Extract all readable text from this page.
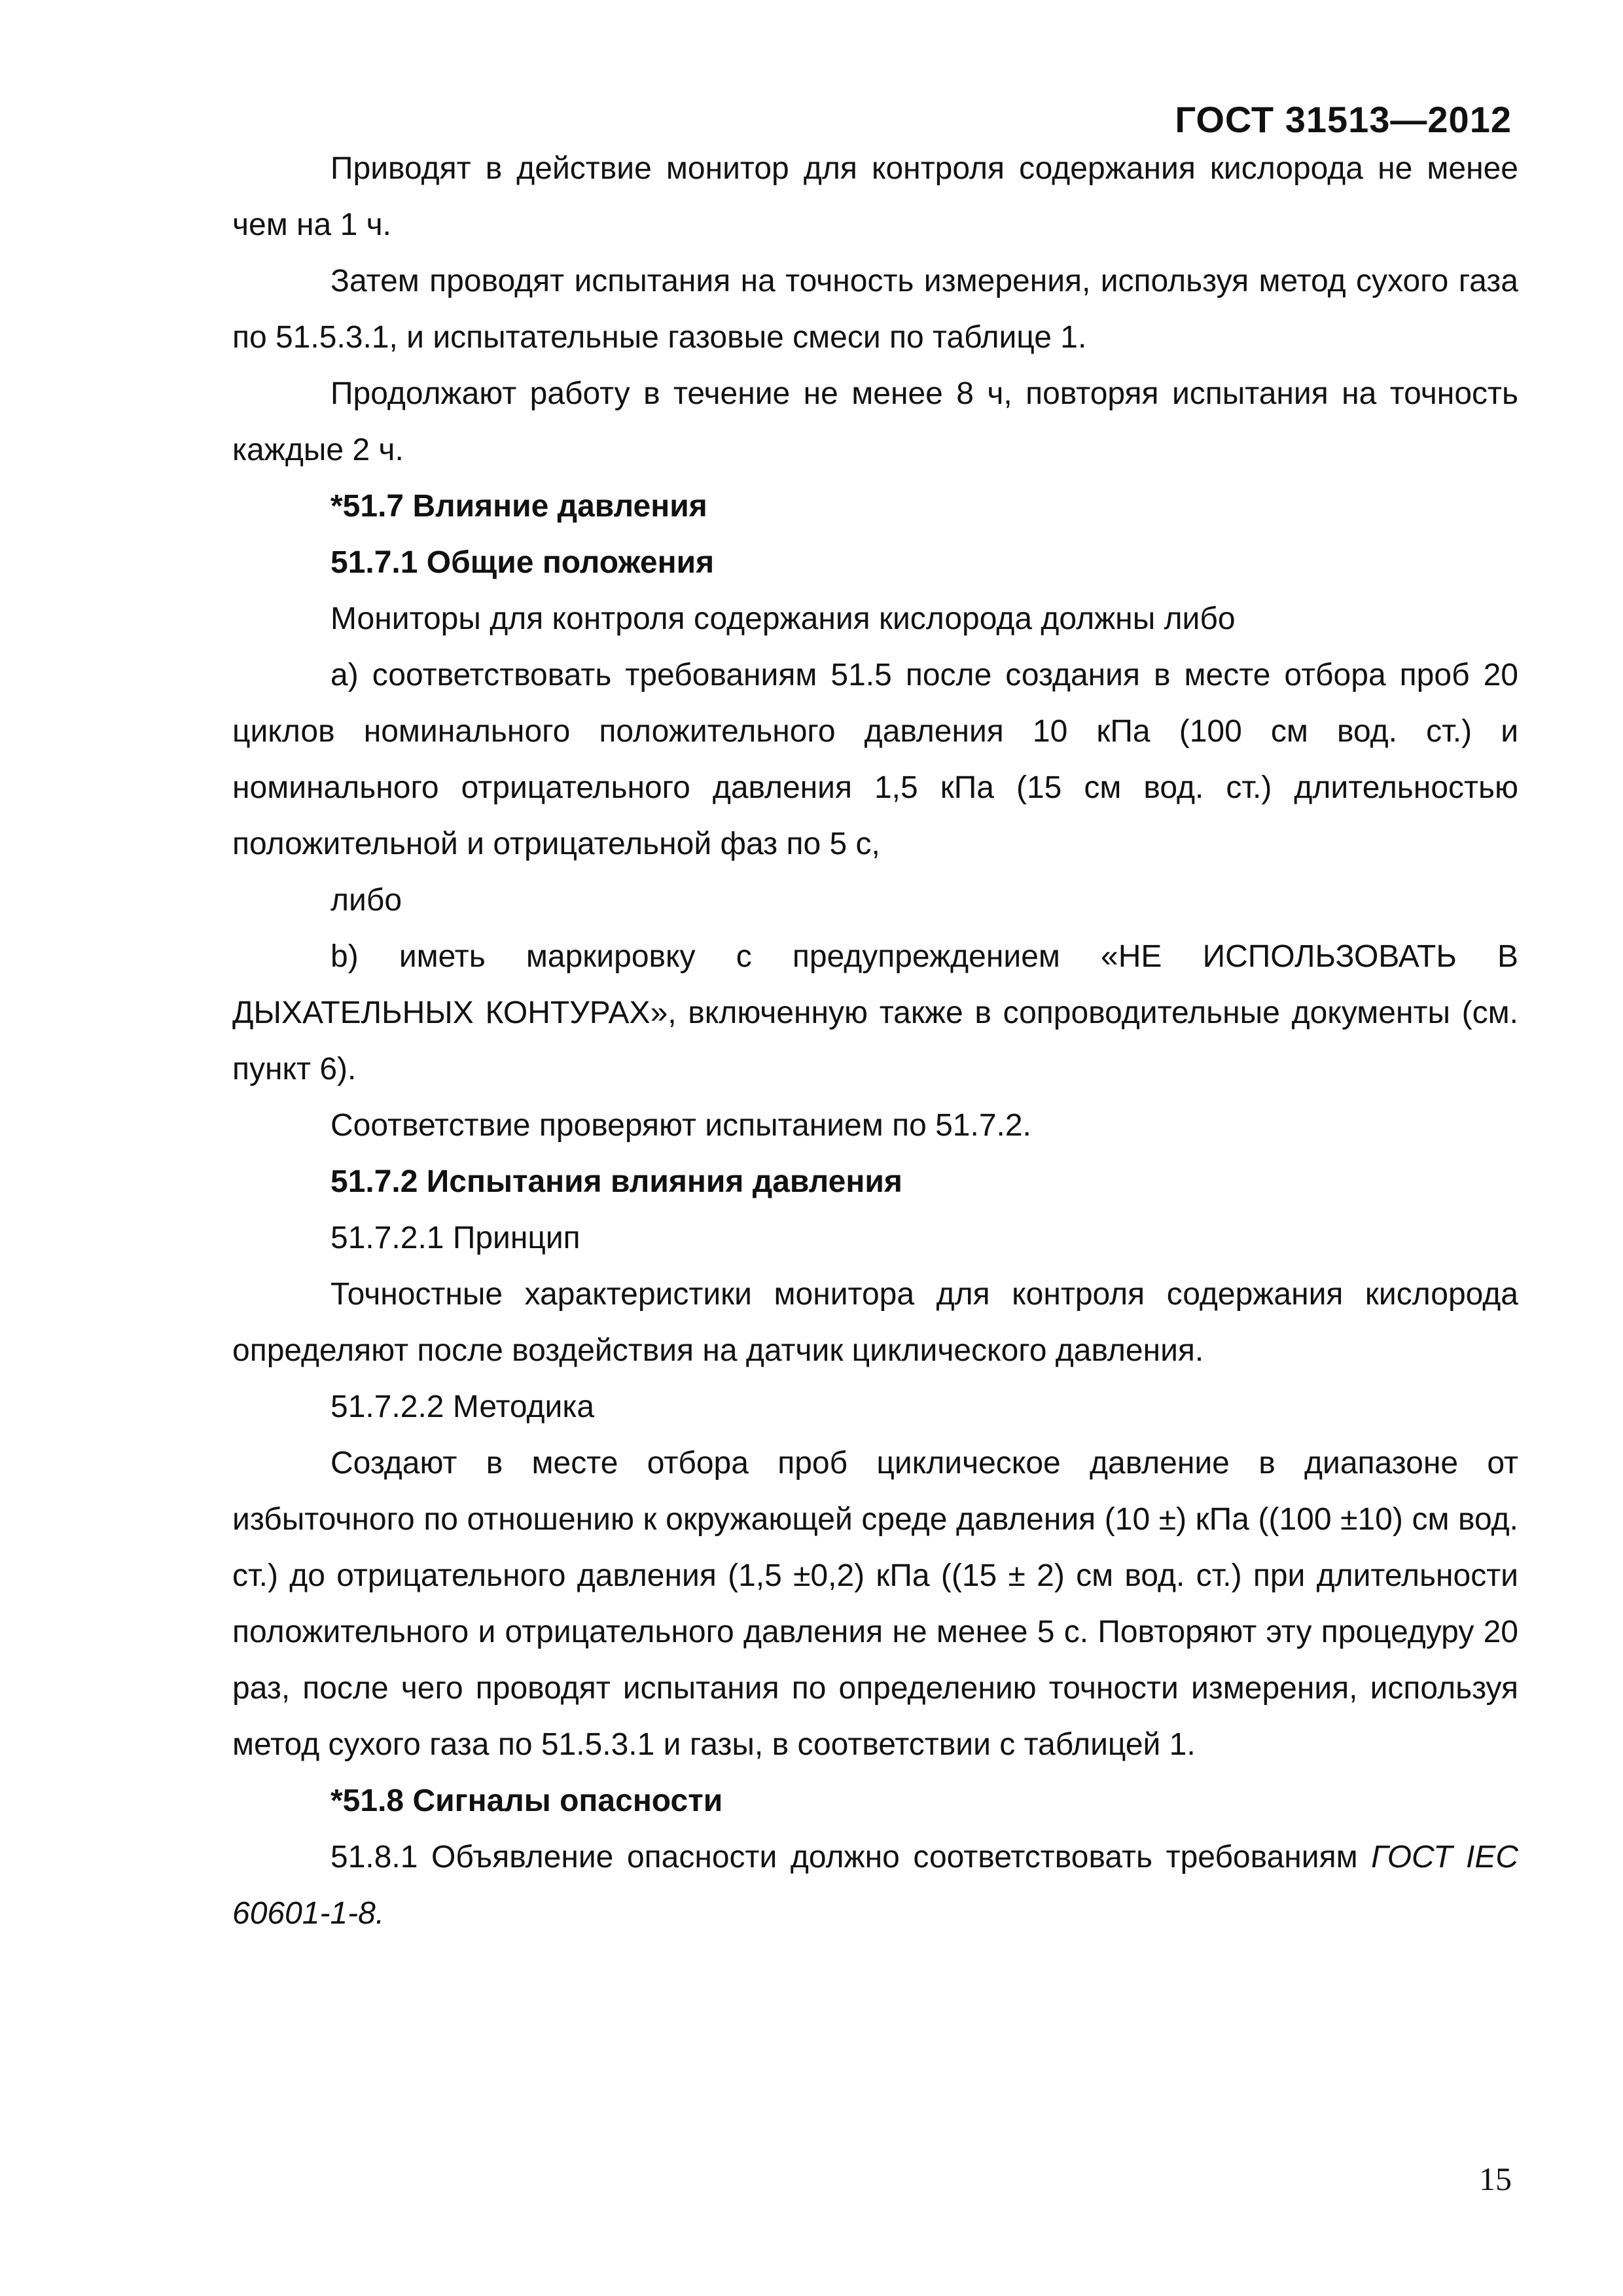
ГОСТ 31513—2012

Приводят в действие монитор для контроля содержания кислорода не менее чем на 1 ч.

Затем проводят испытания на точность измерения, используя метод сухого газа по 51.5.3.1, и испытательные газовые смеси по таблице 1.

Продолжают работу в течение не менее 8 ч, повторяя испытания на точность каждые 2 ч.

*51.7 Влияние давления

51.7.1 Общие положения

Мониторы для контроля содержания кислорода должны либо

а) соответствовать требованиям 51.5 после создания в месте отбора проб 20 циклов номинального положительного давления 10 кПа (100 см вод. ст.) и номинального отрицательного давления 1,5 кПа (15 см вод. ст.) длительностью положительной и отрицательной фаз по 5 с,

либо

b) иметь маркировку с предупреждением «НЕ ИСПОЛЬЗОВАТЬ В ДЫХАТЕЛЬНЫХ КОНТУРАХ», включенную также в сопроводительные документы (см. пункт 6).

Соответствие проверяют испытанием по 51.7.2.

51.7.2 Испытания влияния давления

51.7.2.1 Принцип

Точностные характеристики монитора для контроля содержания кислорода определяют после воздействия на датчик циклического давления.

51.7.2.2 Методика

Создают в месте отбора проб циклическое давление в диапазоне от избыточного по отношению к окружающей среде давления (10 ±) кПа ((100 ±10) см вод. ст.) до отрицательного давления (1,5 ±0,2) кПа ((15 ± 2) см вод. ст.) при длительности положительного и отрицательного давления не менее 5 с. Повторяют эту процедуру 20 раз, после чего проводят испытания по определению точности измерения, используя метод сухого газа по 51.5.3.1 и газы, в соответствии с таблицей 1.

*51.8 Сигналы опасности

51.8.1 Объявление опасности должно соответствовать требованиям ГОСТ IEC 60601-1-8.

15
